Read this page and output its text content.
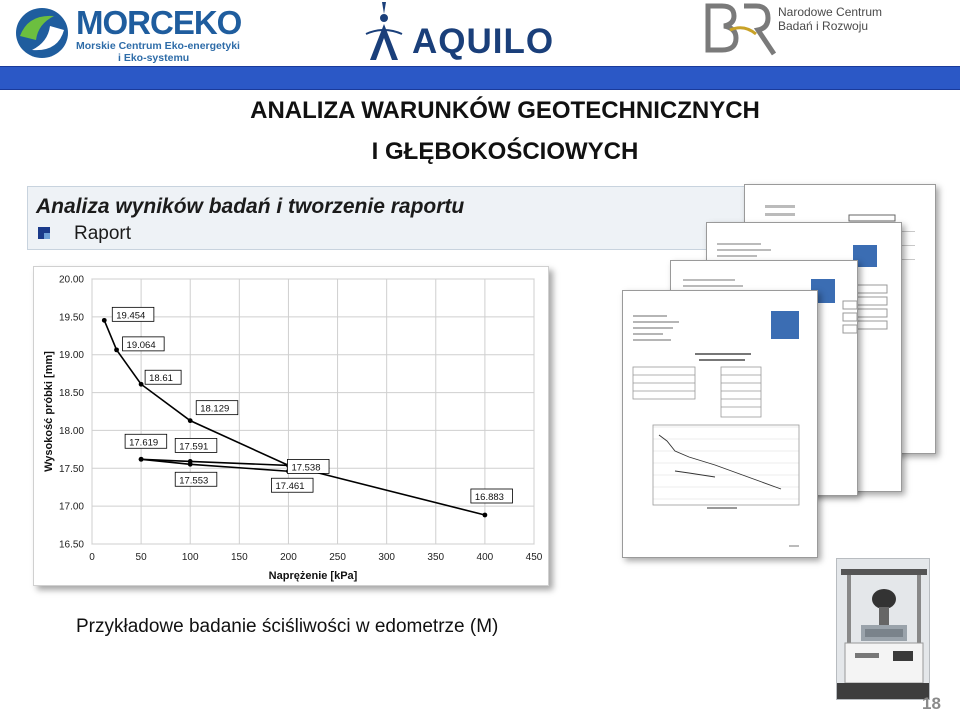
MORCEKO
Morskie Centrum Eko-energetyki
i Eko-systemu	AQUILO
Narodowe Centrum
Badań i Rozwoju
ANALIZA WARUNKÓW GEOTECHNICZNYCH
I GŁĘBOKOŚCIOWYCH
Analiza wyników badań i tworzenie raportu
Raport
0	50	100	150	200	250	300	350	400	450
16.50
17.00
17.50
18.00
18.50
19.00
19.50
20.00
Naprężenie [kPa]
Wysokość próbki [mm]
19.454
19.064
18.61
18.129
17.538
16.883
17.619 17.591
17.553
17.461
Przykładowe badanie ściśliwości w edometrze (M)
18
